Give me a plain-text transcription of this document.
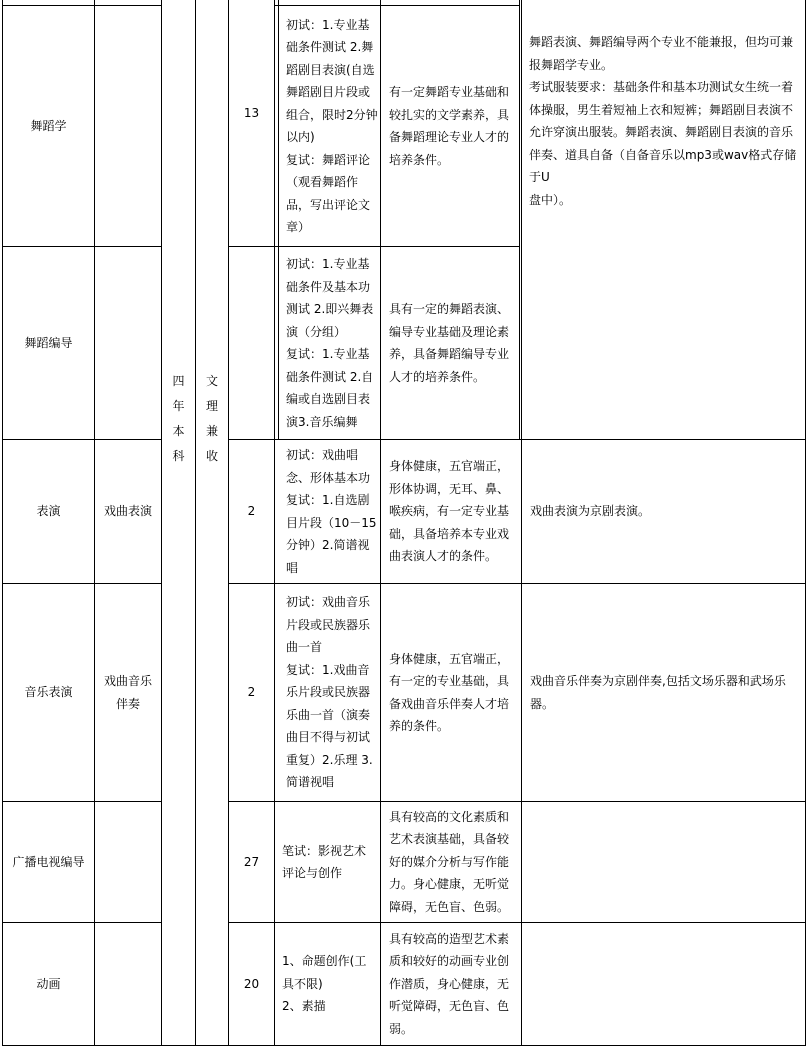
四
年
本
科
文
理
兼
收
舞蹈学
舞蹈编导
表演
音乐表演
广播电视编导
动画
戏曲表演
戏曲音乐
伴奏
13
2
2
27
20
初试：1.专业基
础条件测试 2.舞
蹈剧目表演(自选
舞蹈剧目片段或
组合，限时2分钟
以内)
复试：舞蹈评论
（观看舞蹈作
品，写出评论文
章）
初试：1.专业基
础条件及基本功
测试 2.即兴舞表
演（分组）
复试：1.专业基
础条件测试 2.自
编或自选剧目表
演3.音乐编舞
初试：戏曲唱
念、形体基本功
复试：1.自选剧
目片段（10－15
分钟）2.简谱视
唱
初试：戏曲音乐
片段或民族器乐
曲一首
复试：1.戏曲音
乐片段或民族器
乐曲一首（演奏
曲目不得与初试
重复）2.乐理 3.
简谱视唱
笔试：影视艺术
评论与创作
1、命题创作(工
具不限)
2、素描
有一定舞蹈专业基础和
较扎实的文学素养，具
备舞蹈理论专业人才的
培养条件。
具有一定的舞蹈表演、
编导专业基础及理论素
养，具备舞蹈编导专业
人才的培养条件。
身体健康，五官端正，
形体协调，无耳、鼻、
喉疾病，有一定专业基
础，具备培养本专业戏
曲表演人才的条件。
身体健康，五官端正，
有一定的专业基础，具
备戏曲音乐伴奏人才培
养的条件。
具有较高的文化素质和
艺术表演基础，具备较
好的媒介分析与写作能
力。身心健康，无听觉
障碍，无色盲、色弱。
具有较高的造型艺术素
质和较好的动画专业创
作潜质，身心健康，无
听觉障碍，无色盲、色
弱。
舞蹈表演、舞蹈编导两个专业不能兼报，但均可兼
报舞蹈学专业。
考试服装要求：基础条件和基本功测试女生统一着
体操服，男生着短袖上衣和短裤；舞蹈剧目表演不
允许穿演出服装。舞蹈表演、舞蹈剧目表演的音乐
伴奏、道具自备（自备音乐以mp3或wav格式存储于U
盘中）。
戏曲表演为京剧表演。
戏曲音乐伴奏为京剧伴奏,包括文场乐器和武场乐
器。
